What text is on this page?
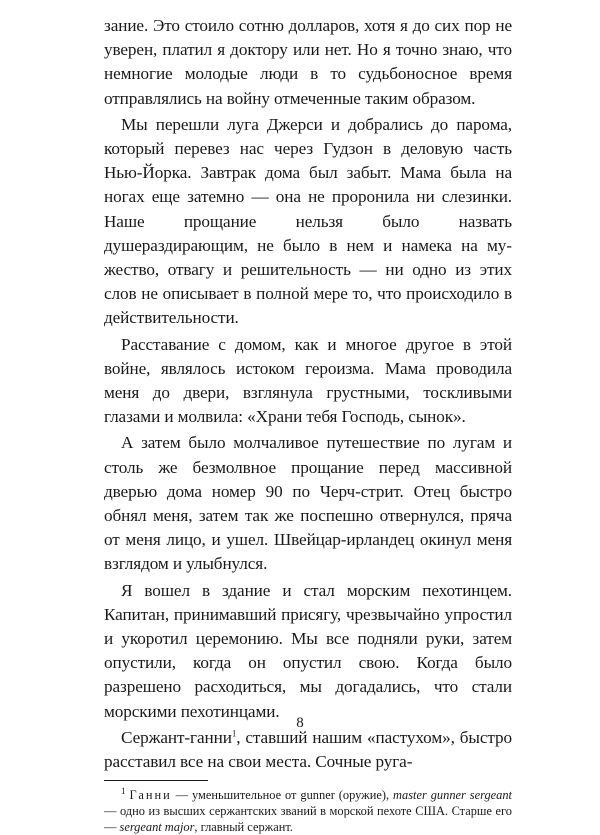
зание. Это стоило сотню долларов, хотя я до сих пор не уверен, платил я доктору или нет. Но я точно знаю, что немногие молодые люди в то судьбоносное время отправлялись на войну отмеченные таким образом.

Мы перешли луга Джерси и добрались до парома, который перевез нас через Гудзон в деловую часть Нью-Йорка. Завтрак дома был забыт. Мама была на ногах еще затемно — она не проронила ни слезинки. Наше прощание нельзя было назвать душераздирающим, не было в нем и намека на мужество, отвагу и решительность — ни одно из этих слов не описывает в полной мере то, что происходило в действительности.

Расставание с домом, как и многое другое в этой войне, являлось истоком героизма. Мама проводила меня до двери, взглянула грустными, тоскливыми глазами и молвила: «Храни тебя Господь, сынок».

А затем было молчаливое путешествие по лугам и столь же безмолвное прощание перед массивной дверью дома номер 90 по Черч-стрит. Отец быстро обнял меня, затем так же поспешно отвернулся, пряча от меня лицо, и ушел. Швейцар-ирландец окинул меня взглядом и улыбнулся.

Я вошел в здание и стал морским пехотинцем. Капитан, принимавший присягу, чрезвычайно упростил и укоротил церемонию. Мы все подняли руки, затем опустили, когда он опустил свою. Когда было разрешено расходиться, мы догадались, что стали морскими пехотинцами.

Сержант-ганни$^1$, ставший нашим «пастухом», быстро расставил все на свои места. Сочные руга-

$^1$ Ганни — уменьшительное от gunner (оружие), master gunner sergeant — одно из высших сержантских званий в морской пехоте США. Старше его — sergeant major, главный сержант.

8
